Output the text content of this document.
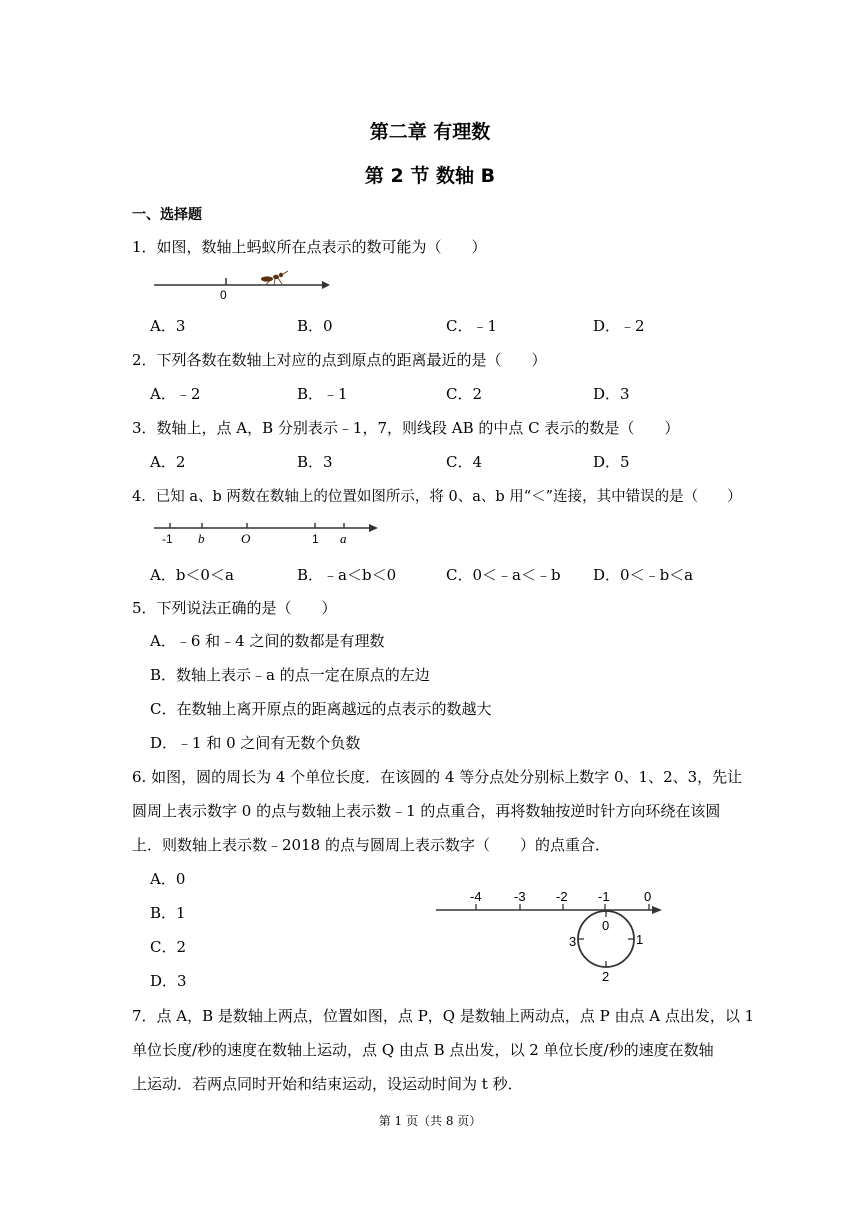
第二章 有理数
第 2 节 数轴 B
一、选择题
1．如图，数轴上蚂蚁所在点表示的数可能为（　　）
0
A．3	B．0	C．﹣1	D．﹣2
2．下列各数在数轴上对应的点到原点的距离最近的是（　　）
A．﹣2	B．﹣1	C．2	D．3
3．数轴上，点 A，B 分别表示﹣1，7，则线段 AB 的中点 C 表示的数是（　　）
A．2	B．3	C．4	D．5
4．已知 a、b 两数在数轴上的位置如图所示，将 0、a、b 用“＜”连接，其中错误的是（　　）
-1 b	O	1 a
A．b＜0＜a	B．﹣a＜b＜0	C．0＜﹣a＜﹣b D．0＜﹣b＜a
5．下列说法正确的是（　　）
A．﹣6 和﹣4 之间的数都是有理数
B．数轴上表示﹣a 的点一定在原点的左边
C．在数轴上离开原点的距离越远的点表示的数越大
D．﹣1 和 0 之间有无数个负数
6. 如图，圆的周长为 4 个单位长度．在该圆的 4 等分点处分别标上数字 0、1、2、3，先让
圆周上表示数字 0 的点与数轴上表示数﹣1 的点重合，再将数轴按逆时针方向环绕在该圆
上．则数轴上表示数﹣2018 的点与圆周上表示数字（　　）的点重合．
A．0
B．1
C．2
D．3
-4 -3 -2 -1	0
0
1
2
3
7．点 A，B 是数轴上两点，位置如图，点 P，Q 是数轴上两动点，点 P 由点 A 点出发，以 1
单位长度/秒的速度在数轴上运动，点 Q 由点 B 点出发，以 2 单位长度/秒的速度在数轴
上运动．若两点同时开始和结束运动，设运动时间为 t 秒．
第 1 页（共 8 页）
